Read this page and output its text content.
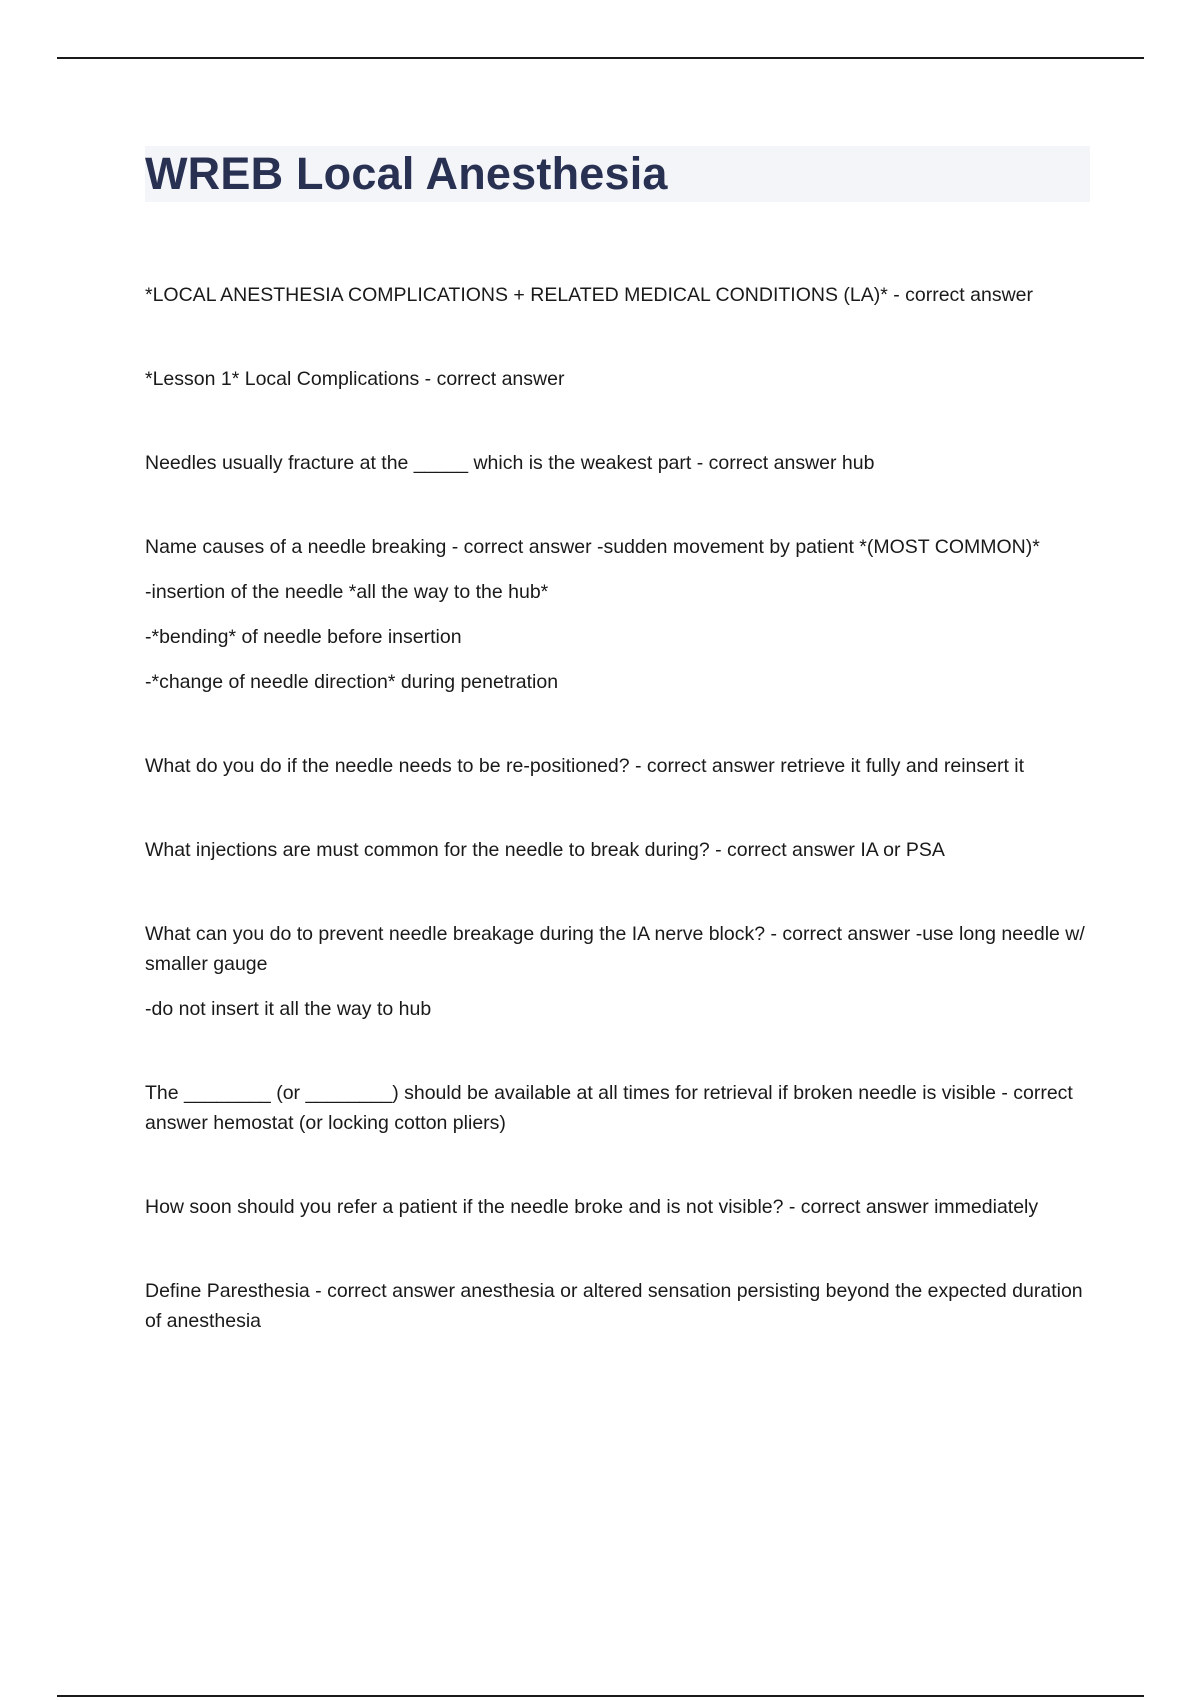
WREB Local Anesthesia

*LOCAL ANESTHESIA COMPLICATIONS + RELATED MEDICAL CONDITIONS (LA)* - correct answer

*Lesson 1* Local Complications - correct answer

Needles usually fracture at the _____ which is the weakest part - correct answer hub

Name causes of a needle breaking - correct answer -sudden movement by patient *(MOST COMMON)*

-insertion of the needle *all the way to the hub*

-*bending* of needle before insertion

-*change of needle direction* during penetration

What do you do if the needle needs to be re-positioned? - correct answer retrieve it fully and reinsert it

What injections are must common for the needle to break during? - correct answer IA or PSA

What can you do to prevent needle breakage during the IA nerve block? - correct answer -use long needle w/ smaller gauge

-do not insert it all the way to hub

The ________ (or ________) should be available at all times for retrieval if broken needle is visible - correct answer hemostat (or locking cotton pliers)

How soon should you refer a patient if the needle broke and is not visible? - correct answer immediately

Define Paresthesia - correct answer anesthesia or altered sensation persisting beyond the expected duration of anesthesia
